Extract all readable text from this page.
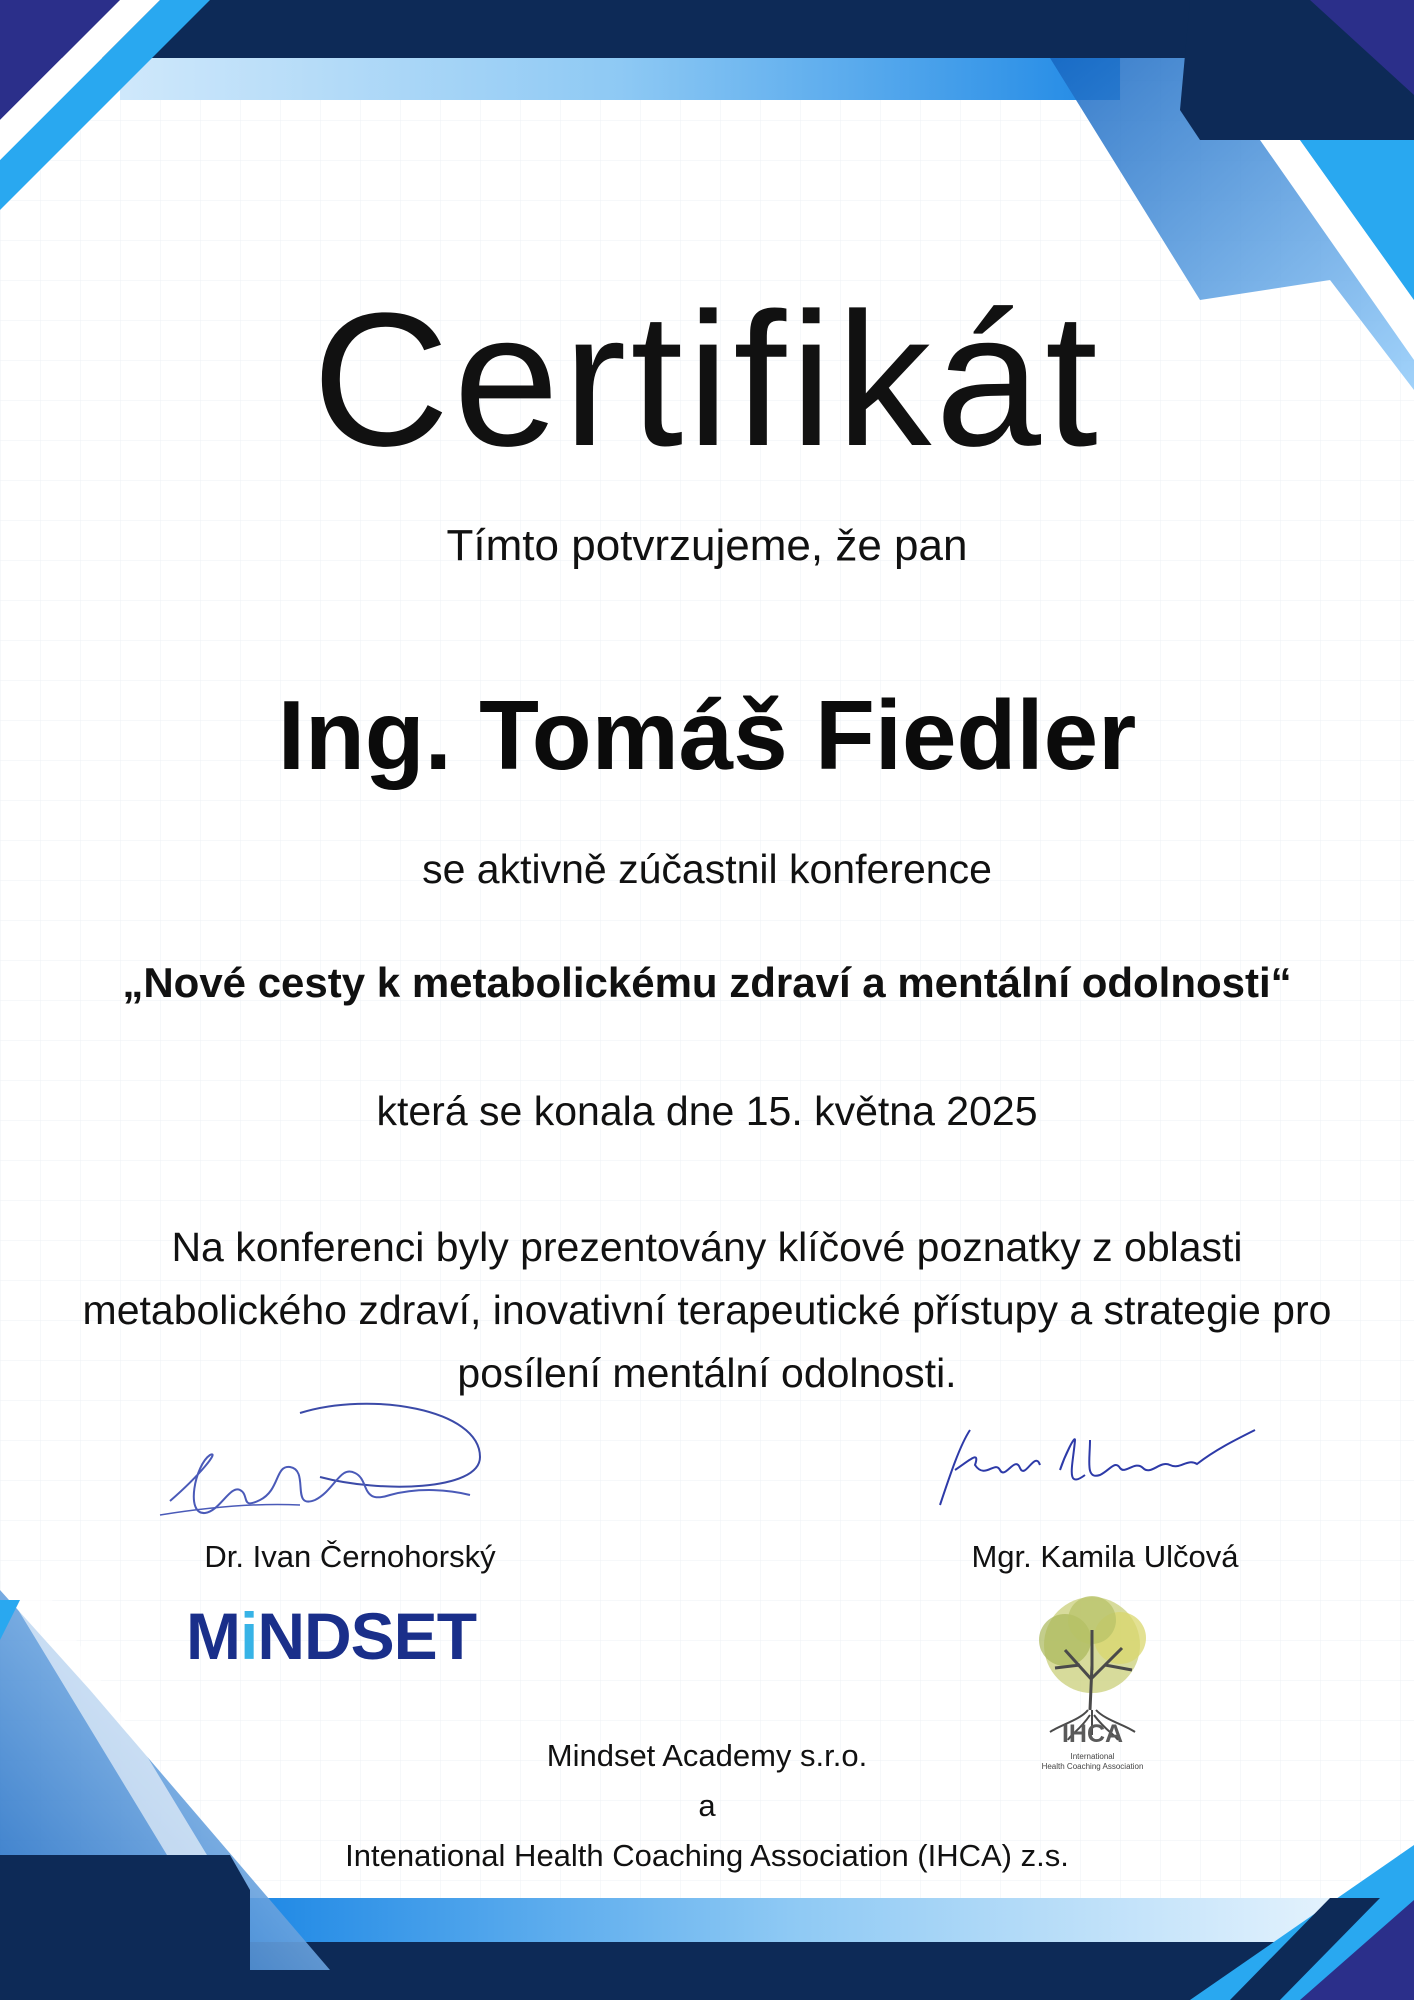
Certifikát

Tímto potvrzujeme, že pan

Ing. Tomáš Fiedler

se aktivně zúčastnil konference

„Nové cesty k metabolickému zdraví a mentální odolnosti“

která se konala dne 15. května 2025

Na konferenci byly prezentovány klíčové poznatky z oblasti metabolického zdraví, inovativní terapeutické přístupy a strategie pro posílení mentální odolnosti.

Dr. Ivan Černohorský	Mgr. Kamila Ulčová
MiNDSET
IHCA
International
Health Coaching Association

Mindset Academy s.r.o.

a

Intenational Health Coaching Association (IHCA) z.s.
